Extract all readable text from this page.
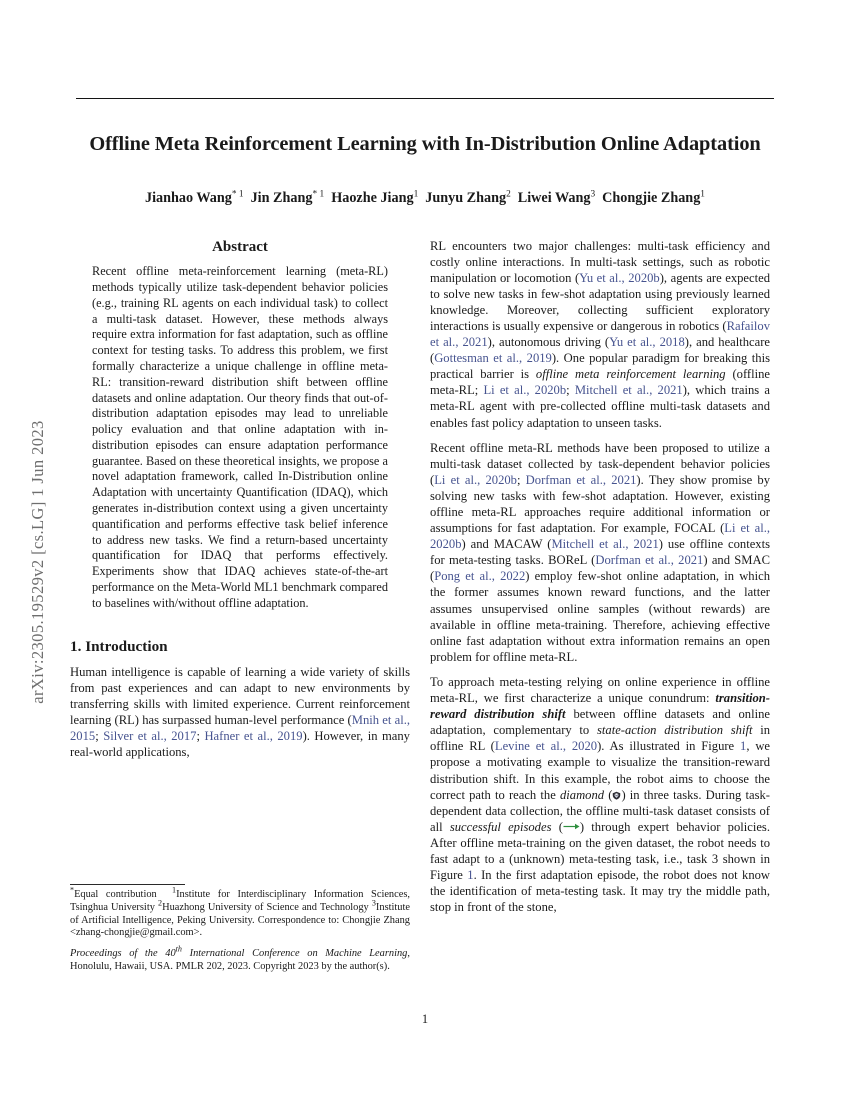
arXiv:2305.19529v2 [cs.LG] 1 Jun 2023
Offline Meta Reinforcement Learning with In-Distribution Online Adaptation
Jianhao Wang$^{* 1}$ Jin Zhang$^{* 1}$ Haozhe Jiang$^1$ Junyu Zhang$^2$ Liwei Wang$^3$ Chongjie Zhang$^1$
Abstract
Recent offline meta-reinforcement learning (meta-RL) methods typically utilize task-dependent behavior policies (e.g., training RL agents on each individual task) to collect a multi-task dataset. However, these methods always require extra information for fast adaptation, such as offline context for testing tasks. To address this problem, we first formally characterize a unique challenge in offline meta-RL: transition-reward distribution shift between offline datasets and online adaptation. Our theory finds that out-of-distribution adaptation episodes may lead to unreliable policy evaluation and that online adaptation with in-distribution episodes can ensure adaptation performance guarantee. Based on these theoretical insights, we propose a novel adaptation framework, called In-Distribution online Adaptation with uncertainty Quantification (IDAQ), which generates in-distribution context using a given uncertainty quantification and performs effective task belief inference to address new tasks. We find a return-based uncertainty quantification for IDAQ that performs effectively. Experiments show that IDAQ achieves state-of-the-art performance on the Meta-World ML1 benchmark compared to baselines with/without offline adaptation.
1. Introduction

Human intelligence is capable of learning a wide variety of skills from past experiences and can adapt to new environments by transferring skills with limited experience. Current reinforcement learning (RL) has surpassed human-level performance (Mnih et al., 2015; Silver et al., 2017; Hafner et al., 2019). However, in many real-world applications,

RL encounters two major challenges: multi-task efficiency and costly online interactions. In multi-task settings, such as robotic manipulation or locomotion (Yu et al., 2020b), agents are expected to solve new tasks in few-shot adaptation using previously learned knowledge. Moreover, collecting sufficient exploratory interactions is usually expensive or dangerous in robotics (Rafailov et al., 2021), autonomous driving (Yu et al., 2018), and healthcare (Gottesman et al., 2019). One popular paradigm for breaking this practical barrier is offline meta reinforcement learning (offline meta-RL; Li et al., 2020b; Mitchell et al., 2021), which trains a meta-RL agent with pre-collected offline multi-task datasets and enables fast policy adaptation to unseen tasks.

Recent offline meta-RL methods have been proposed to utilize a multi-task dataset collected by task-dependent behavior policies (Li et al., 2020b; Dorfman et al., 2021). They show promise by solving new tasks with few-shot adaptation. However, existing offline meta-RL approaches require additional information or assumptions for fast adaptation. For example, FOCAL (Li et al., 2020b) and MACAW (Mitchell et al., 2021) use offline contexts for meta-testing tasks. BOReL (Dorfman et al., 2021) and SMAC (Pong et al., 2022) employ few-shot online adaptation, in which the former assumes known reward functions, and the latter assumes unsupervised online samples (without rewards) are available in offline meta-training. Therefore, achieving effective online fast adaptation without extra information remains an open problem for offline meta-RL.

To approach meta-testing relying on online experience in offline meta-RL, we first characterize a unique conundrum: transition-reward distribution shift between offline datasets and online adaptation, complementary to state-action distribution shift in offline RL (Levine et al., 2020). As illustrated in Figure 1, we propose a motivating example to visualize the transition-reward distribution shift. In this example, the robot aims to choose the correct path to reach the diamond ( ) in three tasks. During task-dependent data collection, the offline multi-task dataset consists of all successful episodes ( ) through expert behavior policies. After offline meta-training on the given dataset, the robot needs to fast adapt to a (unknown) meta-testing task, i.e., task 3 shown in Figure 1. In the first adaptation episode, the robot does not know the identification of meta-testing task. It may try the middle path, stop in front of the stone,

*Equal contribution $^1$Institute for Interdisciplinary Information Sciences, Tsinghua University $^2$Huazhong University of Science and Technology $^3$Institute of Artificial Intelligence, Peking University. Correspondence to: Chongjie Zhang <zhang-chongjie@gmail.com>.

Proceedings of the 40th International Conference on Machine Learning, Honolulu, Hawaii, USA. PMLR 202, 2023. Copyright 2023 by the author(s).

1
